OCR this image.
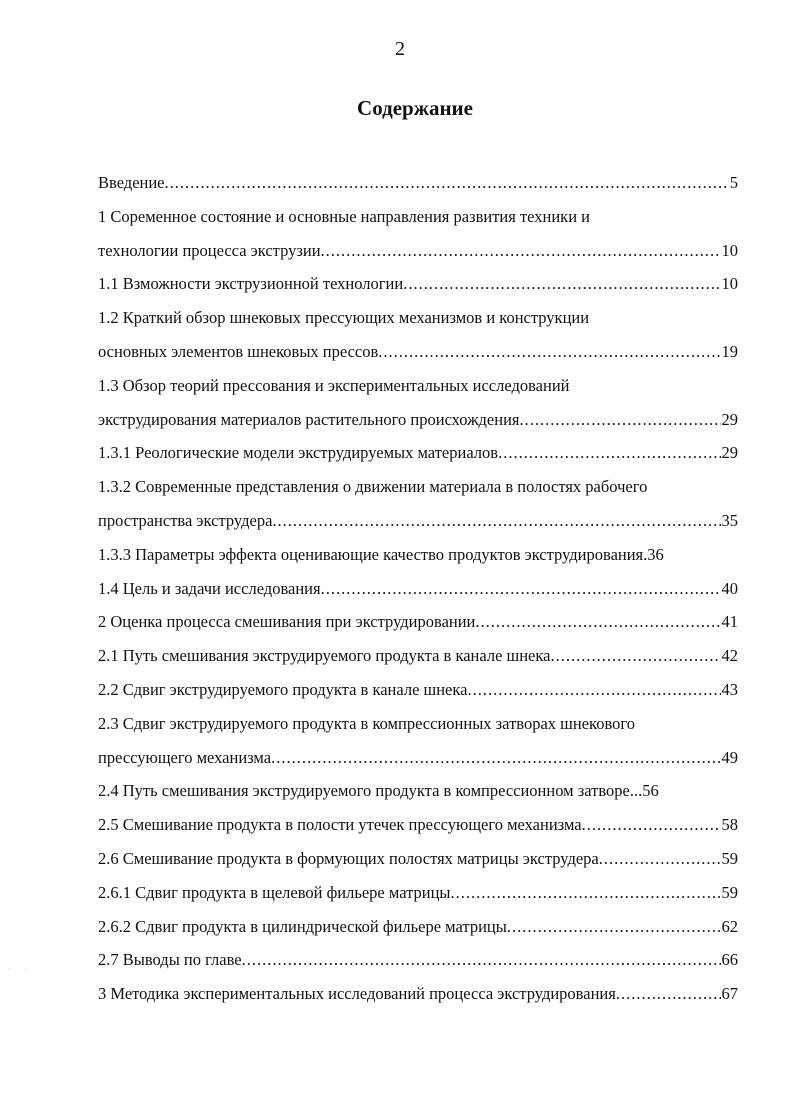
2
Содержание
Введение .....	5
1 Соременное состояние и основные направления развития техники и
технологии процесса экструзии .....	10
1.1 Взможности экструзионной технологии .....	10
1.2 Краткий обзор шнековых прессующих механизмов и конструкции
основных элементов шнековых прессов .....	19
1.3 Обзор теорий прессования и экспериментальных исследований
экструдирования материалов растительного происхождения .....	29
1.3.1 Реологические модели экструдируемых материалов .....	29
1.3.2 Современные представления о движении материала в полостях рабочего
пространства экструдера .....	35
1.3.3 Параметры эффекта оценивающие качество продуктов экструдирования.36
1.4 Цель и задачи исследования .....	40
2 Оценка процесса смешивания при экструдировании .....	41
2.1 Путь смешивания экструдируемого продукта в канале шнека .....	42
2.2 Сдвиг экструдируемого продукта в канале шнека .....	43
2.3 Сдвиг экструдируемого продукта в компрессионных затворах шнекового
прессующего механизма .....	49
2.4 Путь смешивания экструдируемого продукта в компрессионном затворе...56
2.5 Смешивание продукта в полости утечек прессующего механизма .....	58
2.6 Смешивание продукта в формующих полостях матрицы экструдера .....	59
2.6.1 Сдвиг продукта в щелевой фильере матрицы .....	59
2.6.2 Сдвиг продукта в цилиндрической фильере матрицы .....	62
2.7 Выводы по главе .....	66
3 Методика экспериментальных исследований процесса экструдирования .....	67
· ·
